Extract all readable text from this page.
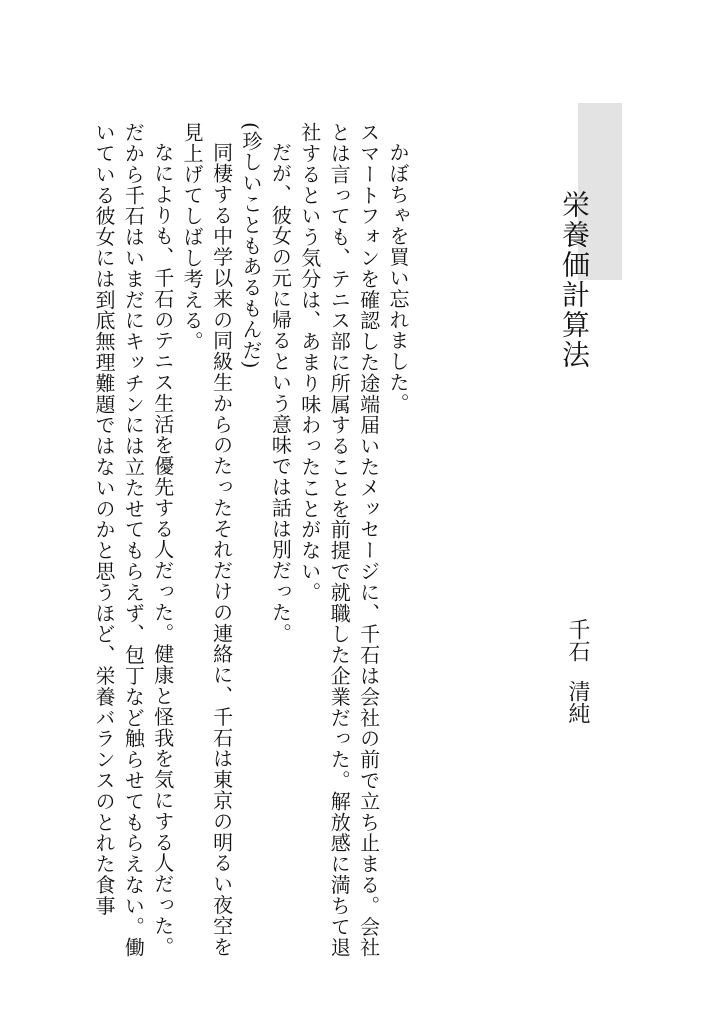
栄養価計算法
千石清純

かぼちゃを買い忘れました。

スマートフォンを確認した途端届いたメッセージに、千石は会社の前で立ち止まる。会社とは言っても、テニス部に所属することを前提で就職した企業だった。解放感に満ちて退社するという気分は、あまり味わったことがない。

だが、彼女の元に帰るという意味では話は別だった。

(珍しいこともあるもんだ)

同棲する中学以来の同級生からのたったそれだけの連絡に、千石は東京の明るい夜空を見上げてしばし考える。

なによりも、千石のテニス生活を優先する人だった。健康と怪我を気にする人だった。だから千石はいまだにキッチンには立たせてもらえず、包丁など触らせてもらえない。働いている彼女には到底無理難題ではないのかと思うほど、栄養バランスのとれた食事
